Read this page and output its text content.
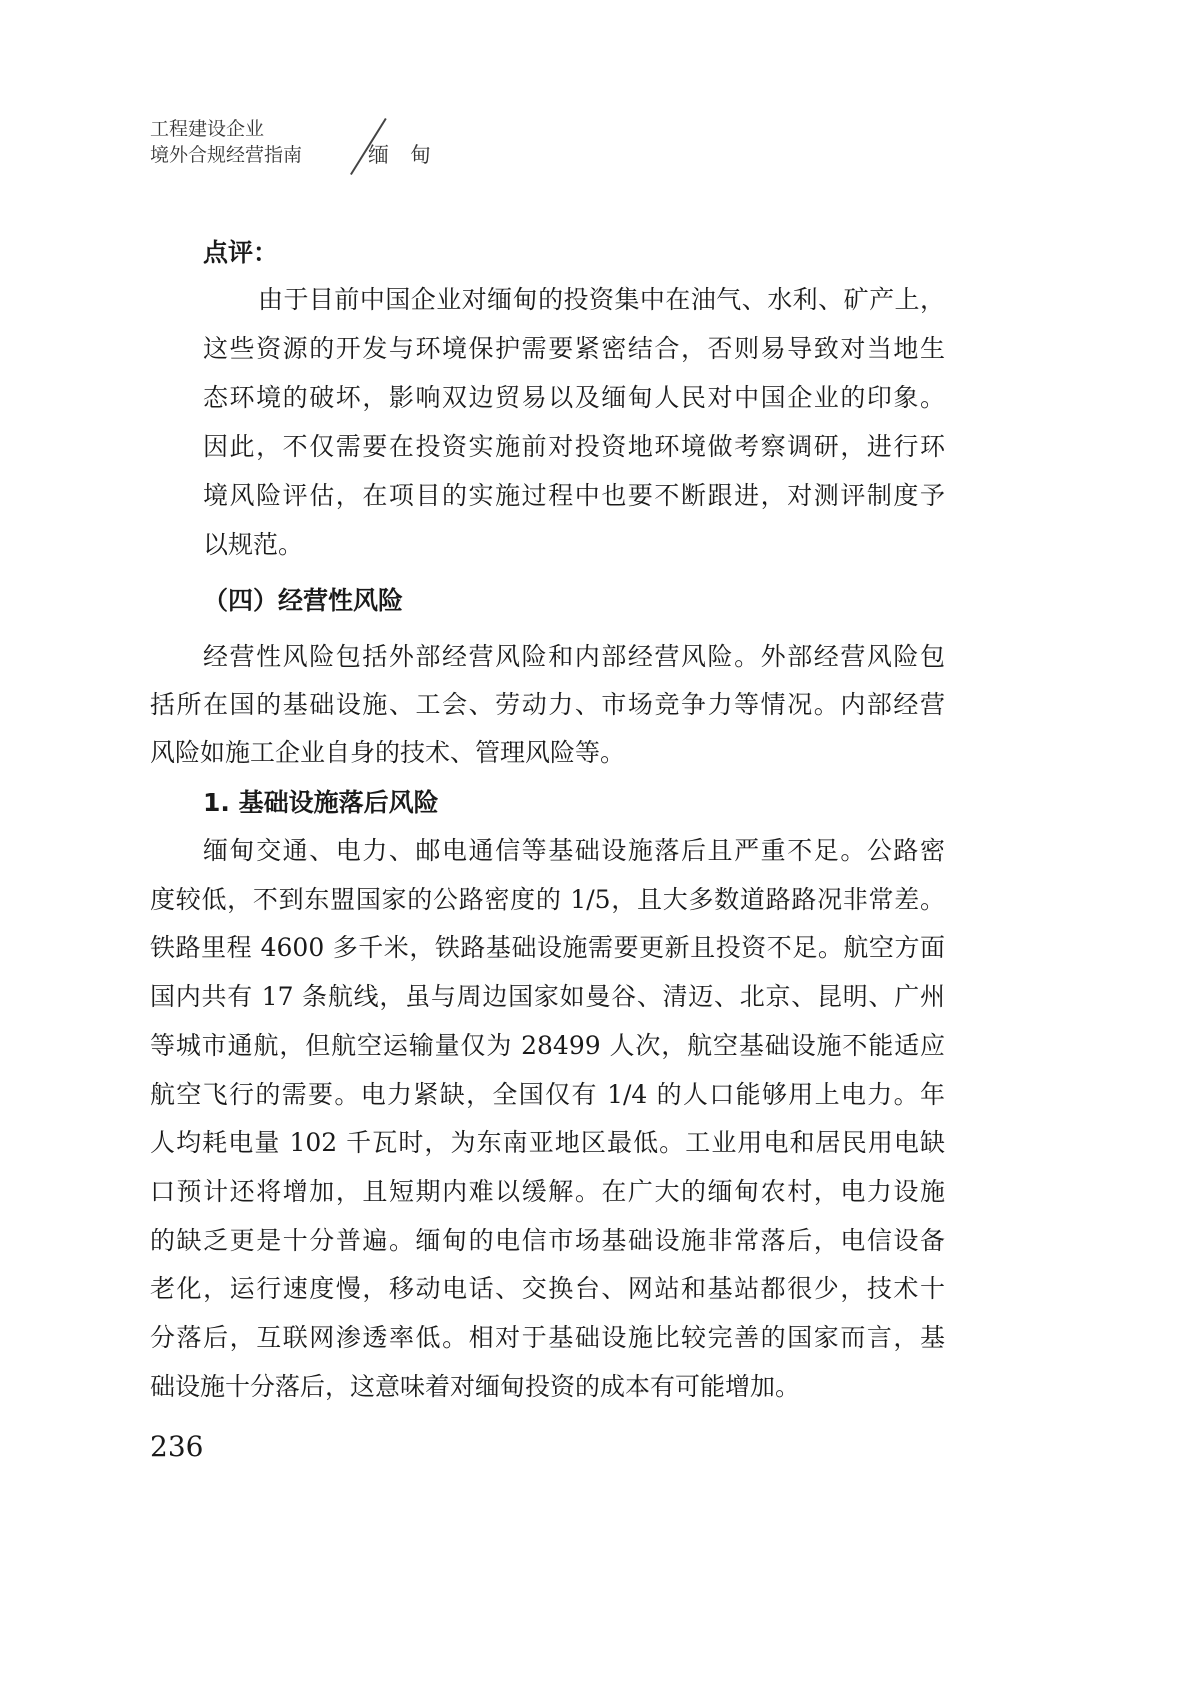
工程建设企业
境外合规经营指南	缅　甸
点评：
（四）经营性风险
1. 基础设施落后风险
由于目前中国企业对缅甸的投资集中在油气、水利、矿产上，
这些资源的开发与环境保护需要紧密结合，否则易导致对当地生
态环境的破坏，影响双边贸易以及缅甸人民对中国企业的印象。
因此，不仅需要在投资实施前对投资地环境做考察调研，进行环
境风险评估，在项目的实施过程中也要不断跟进，对测评制度予
以规范。
经营性风险包括外部经营风险和内部经营风险。外部经营风险包
括所在国的基础设施、工会、劳动力、市场竞争力等情况。内部经营
风险如施工企业自身的技术、管理风险等。
缅甸交通、电力、邮电通信等基础设施落后且严重不足。公路密
度较低，不到东盟国家的公路密度的 1/5，且大多数道路路况非常差。
铁路里程 4600 多千米，铁路基础设施需要更新且投资不足。航空方面
国内共有 17 条航线，虽与周边国家如曼谷、清迈、北京、昆明、广州
等城市通航，但航空运输量仅为 28499 人次，航空基础设施不能适应
航空飞行的需要。电力紧缺，全国仅有 1/4 的人口能够用上电力。年
人均耗电量 102 千瓦时，为东南亚地区最低。工业用电和居民用电缺
口预计还将增加，且短期内难以缓解。在广大的缅甸农村，电力设施
的缺乏更是十分普遍。缅甸的电信市场基础设施非常落后，电信设备
老化，运行速度慢，移动电话、交换台、网站和基站都很少，技术十
分落后，互联网渗透率低。相对于基础设施比较完善的国家而言，基
础设施十分落后，这意味着对缅甸投资的成本有可能增加。
236
